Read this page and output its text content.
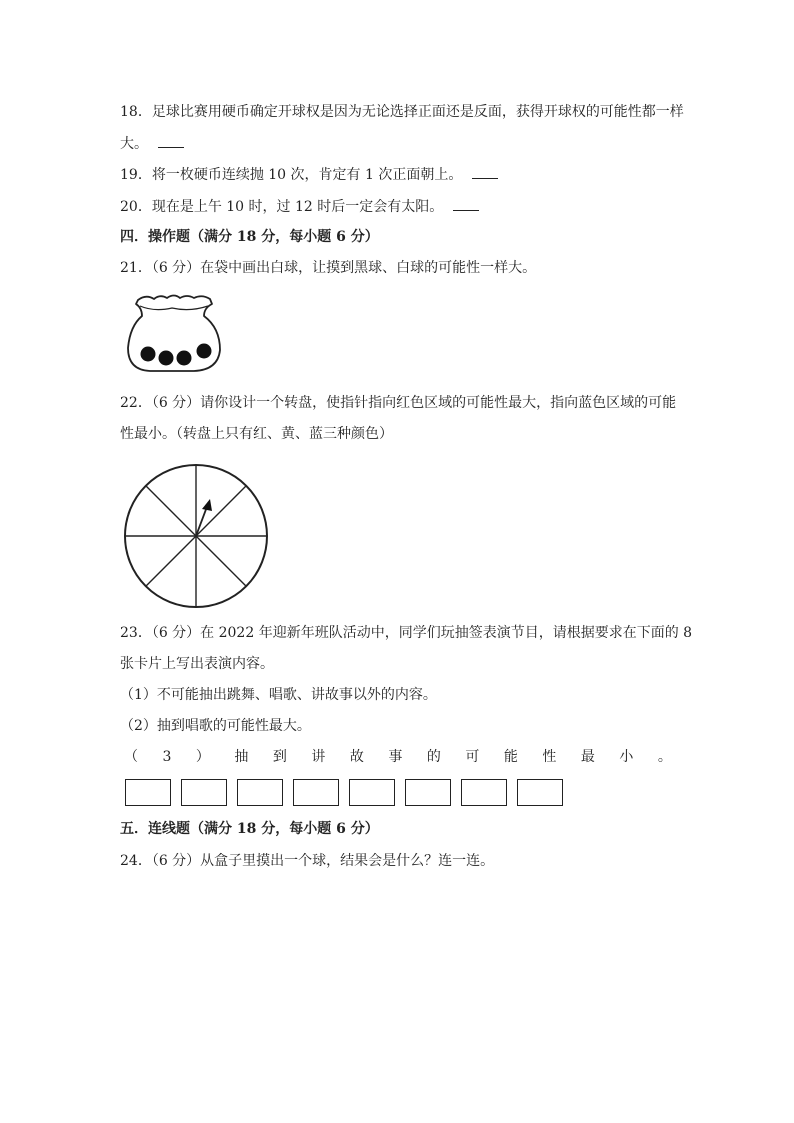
18．足球比赛用硬币确定开球权是因为无论选择正面还是反面，获得开球权的可能性都一样
大。
19．将一枚硬币连续抛 10 次，肯定有 1 次正面朝上。
20．现在是上午 10 时，过 12 时后一定会有太阳。
四．操作题（满分 18 分，每小题 6 分）
21．（6 分）在袋中画出白球，让摸到黑球、白球的可能性一样大。
22．（6 分）请你设计一个转盘，使指针指向红色区域的可能性最大，指向蓝色区域的可能
性最小。（转盘上只有红、黄、蓝三种颜色）
23．（6 分）在 2022 年迎新年班队活动中，同学们玩抽签表演节目，请根据要求在下面的 8
张卡片上写出表演内容。
（1）不可能抽出跳舞、唱歌、讲故事以外的内容。
（2）抽到唱歌的可能性最大。
（ 3 ） 抽 到 讲 故 事 的 可 能 性 最 小 。
五．连线题（满分 18 分，每小题 6 分）
24．（6 分）从盒子里摸出一个球，结果会是什么？连一连。
